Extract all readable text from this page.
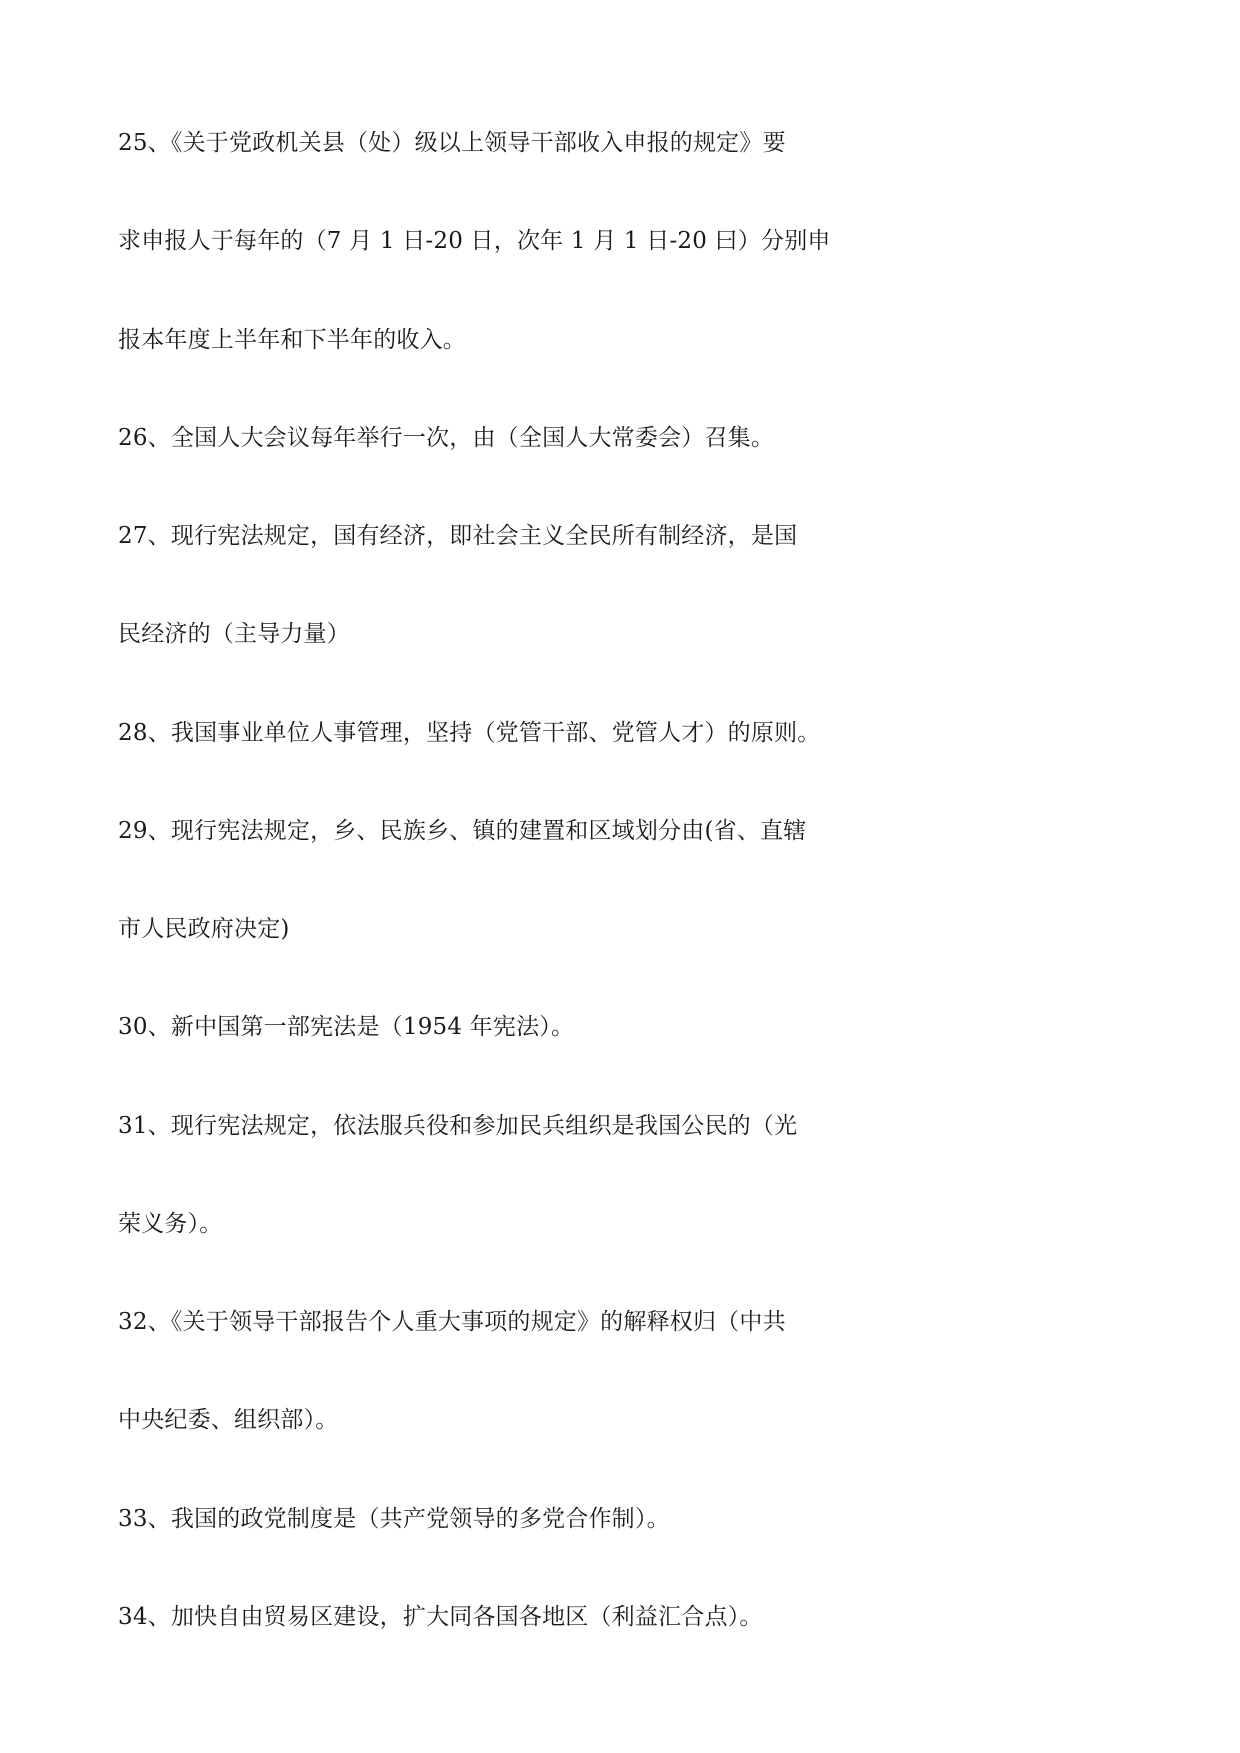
25、《关于党政机关县（处）级以上领导干部收入申报的规定》要
求申报人于每年的（7 月 1 日-20 日，次年 1 月 1 日-20 曰）分别申
报本年度上半年和下半年的收入。
26、全国人大会议每年举行一次，由（全国人大常委会）召集。
27、现行宪法规定，国有经济，即社会主义全民所有制经济，是国
民经济的（主导力量）
28、我国事业单位人事管理，坚持（党管干部、党管人才）的原则。
29、现行宪法规定，乡、民族乡、镇的建置和区域划分由(省、直辖
市人民政府决定)
30、新中国第一部宪法是（1954 年宪法）。
31、现行宪法规定，依法服兵役和参加民兵组织是我国公民的（光
荣义务）。
32、《关于领导干部报告个人重大事项的规定》的解释权归（中共
中央纪委、组织部）。
33、我国的政党制度是（共产党领导的多党合作制）。
34、加快自由贸易区建设，扩大同各国各地区（利益汇合点）。
